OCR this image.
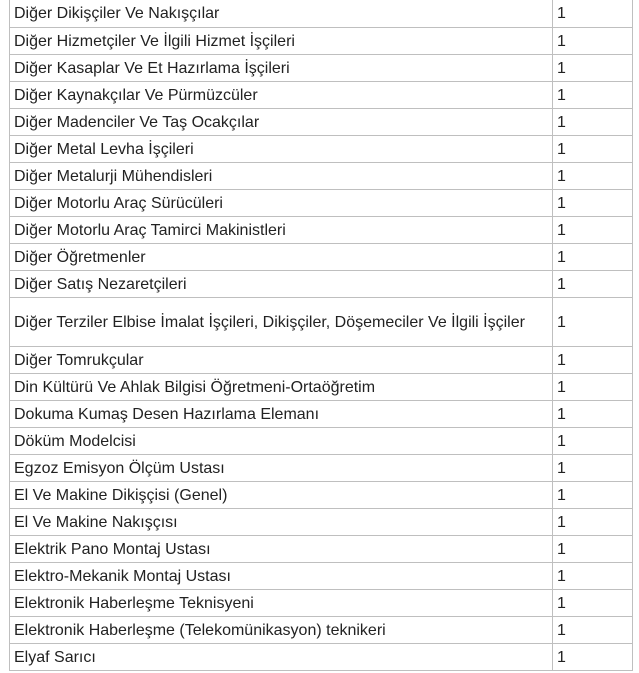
Diğer Dikişçiler Ve Nakışçılar	1
Diğer Hizmetçiler Ve İlgili Hizmet İşçileri	1
Diğer Kasaplar Ve Et Hazırlama İşçileri	1
Diğer Kaynakçılar Ve Pürmüzcüler	1
Diğer Madenciler Ve Taş Ocakçılar	1
Diğer Metal Levha İşçileri	1
Diğer Metalurji Mühendisleri	1
Diğer Motorlu Araç Sürücüleri	1
Diğer Motorlu Araç Tamirci Makinistleri	1
Diğer Öğretmenler	1
Diğer Satış Nezaretçileri	1
Diğer Terziler Elbise İmalat İşçileri, Dikişçiler, Döşemeciler Ve İlgili İşçiler	1
Diğer Tomrukçular	1
Din Kültürü Ve Ahlak Bilgisi Öğretmeni-Ortaöğretim	1
Dokuma Kumaş Desen Hazırlama Elemanı	1
Döküm Modelcisi	1
Egzoz Emisyon Ölçüm Ustası	1
El Ve Makine Dikişçisi (Genel)	1
El Ve Makine Nakışçısı	1
Elektrik Pano Montaj Ustası	1
Elektro-Mekanik Montaj Ustası	1
Elektronik Haberleşme Teknisyeni	1
Elektronik Haberleşme (Telekomünikasyon) teknikeri	1
Elyaf Sarıcı	1
